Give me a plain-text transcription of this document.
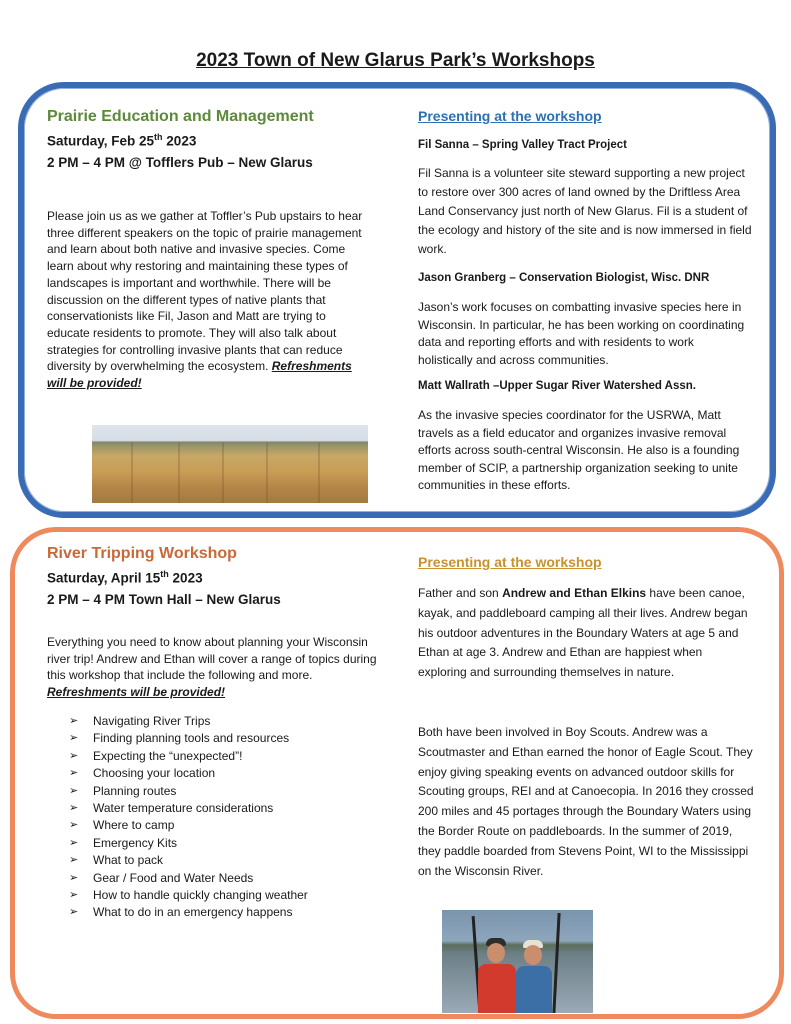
2023 Town of New Glarus Park’s Workshops
Prairie Education and Management
Saturday, Feb 25th 2023
2 PM – 4 PM @ Tofflers Pub – New Glarus
Please join us as we gather at Toffler’s Pub upstairs to hear three different speakers on the topic of prairie management and learn about both native and invasive species. Come learn about why restoring and maintaining these types of landscapes is important and worthwhile. There will be discussion on the different types of native plants that conservationists like Fil, Jason and Matt are trying to educate residents to promote. They will also talk about strategies for controlling invasive plants that can reduce diversity by overwhelming the ecosystem. Refreshments will be provided!
Presenting at the workshop
Fil Sanna – Spring Valley Tract Project
Fil Sanna is a volunteer site steward supporting a new project to restore over 300 acres of land owned by the Driftless Area Land Conservancy just north of New Glarus. Fil is a student of the ecology and history of the site and is now immersed in field work.
Jason Granberg – Conservation Biologist, Wisc. DNR
Jason’s work focuses on combatting invasive species here in Wisconsin. In particular, he has been working on coordinating data and reporting efforts and with residents to work holistically and across communities.
Matt Wallrath –Upper Sugar River Watershed Assn.
As the invasive species coordinator for the USRWA, Matt travels as a field educator and organizes invasive removal efforts across south-central Wisconsin. He also is a founding member of SCIP, a partnership organization seeking to unite communities in these efforts.
River Tripping Workshop
Saturday, April 15th 2023
2 PM – 4 PM Town Hall – New Glarus
Everything you need to know about planning your Wisconsin river trip! Andrew and Ethan will cover a range of topics during this workshop that include the following and more. Refreshments will be provided!
➢ Navigating River Trips
➢ Finding planning tools and resources
➢ Expecting the “unexpected”!
➢ Choosing your location
➢ Planning routes
➢ Water temperature considerations
➢ Where to camp
➢ Emergency Kits
➢ What to pack
➢ Gear / Food and Water Needs
➢ How to handle quickly changing weather
➢ What to do in an emergency happens
Presenting at the workshop
Father and son Andrew and Ethan Elkins have been canoe, kayak, and paddleboard camping all their lives. Andrew began his outdoor adventures in the Boundary Waters at age 5 and Ethan at age 3. Andrew and Ethan are happiest when exploring and surrounding themselves in nature.
Both have been involved in Boy Scouts. Andrew was a Scoutmaster and Ethan earned the honor of Eagle Scout. They enjoy giving speaking events on advanced outdoor skills for Scouting groups, REI and at Canoecopia. In 2016 they crossed 200 miles and 45 portages through the Boundary Waters using the Border Route on paddleboards. In the summer of 2019, they paddle boarded from Stevens Point, WI to the Mississippi on the Wisconsin River.
